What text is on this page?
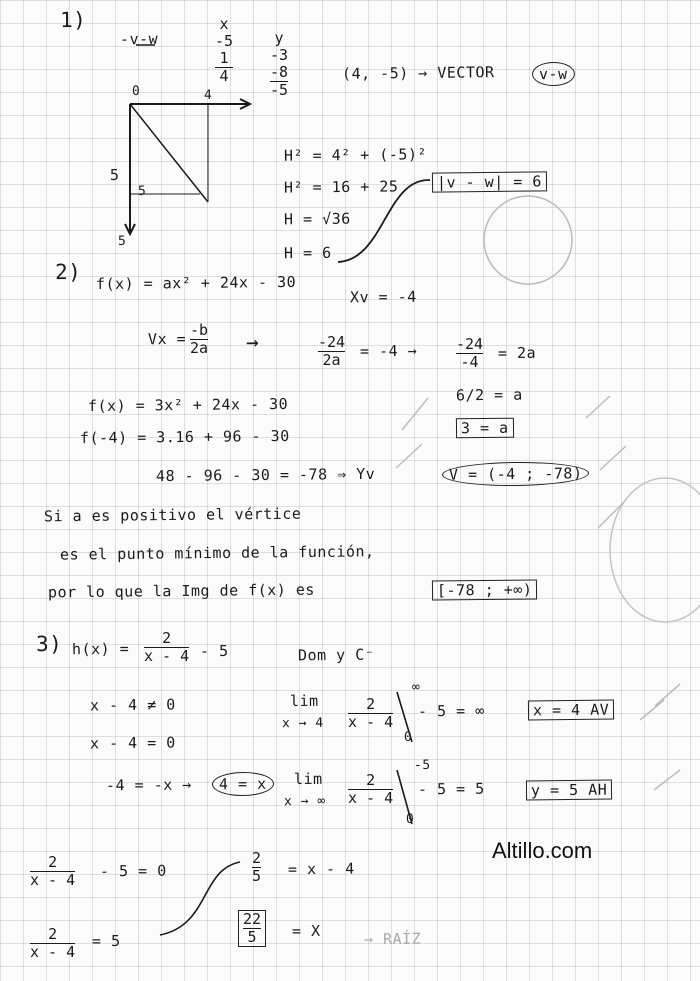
1)
-v-w
x
-5
1
4
y
-3
-8
-5
(4, -5) → VECTOR	v-w
0	4
5
5
5
H² = 4² + (-5)²
H² = 16 + 25
H = √36
H = 6
|v - w| = 6
2) f(x) = ax² + 24x - 30
Xv = -4
Vx = -b
2a →	-24
2a = -4 →	-24
-4 = 2a
6/2 = a
3 = a
f(x) = 3x² + 24x - 30
f(-4) = 3.16 + 96 - 30
48 - 96 - 30 = -78 ⇒ Yv	V = (-4 ; -78)
Si a es positivo el vértice
es el punto mínimo de la función,
por lo que la Img de f(x) es	[-78 ; +∞)
3) h(x) =
2
x - 4 - 5	Dom y C⁻
x - 4 ≠ 0
x - 4 = 0
-4 = -x →	4 = x
lim
x → 4
2
x - 4
∞
0
- 5 = ∞	x = 4 AV
lim
x → ∞
2
x - 4
-5
0
- 5 = 5	y = 5 AH
Altillo.com
2
x - 4 - 5 = 0
2
5 = x - 4
2
x - 4
= 5
22
5 = X	→ RAÍZ
